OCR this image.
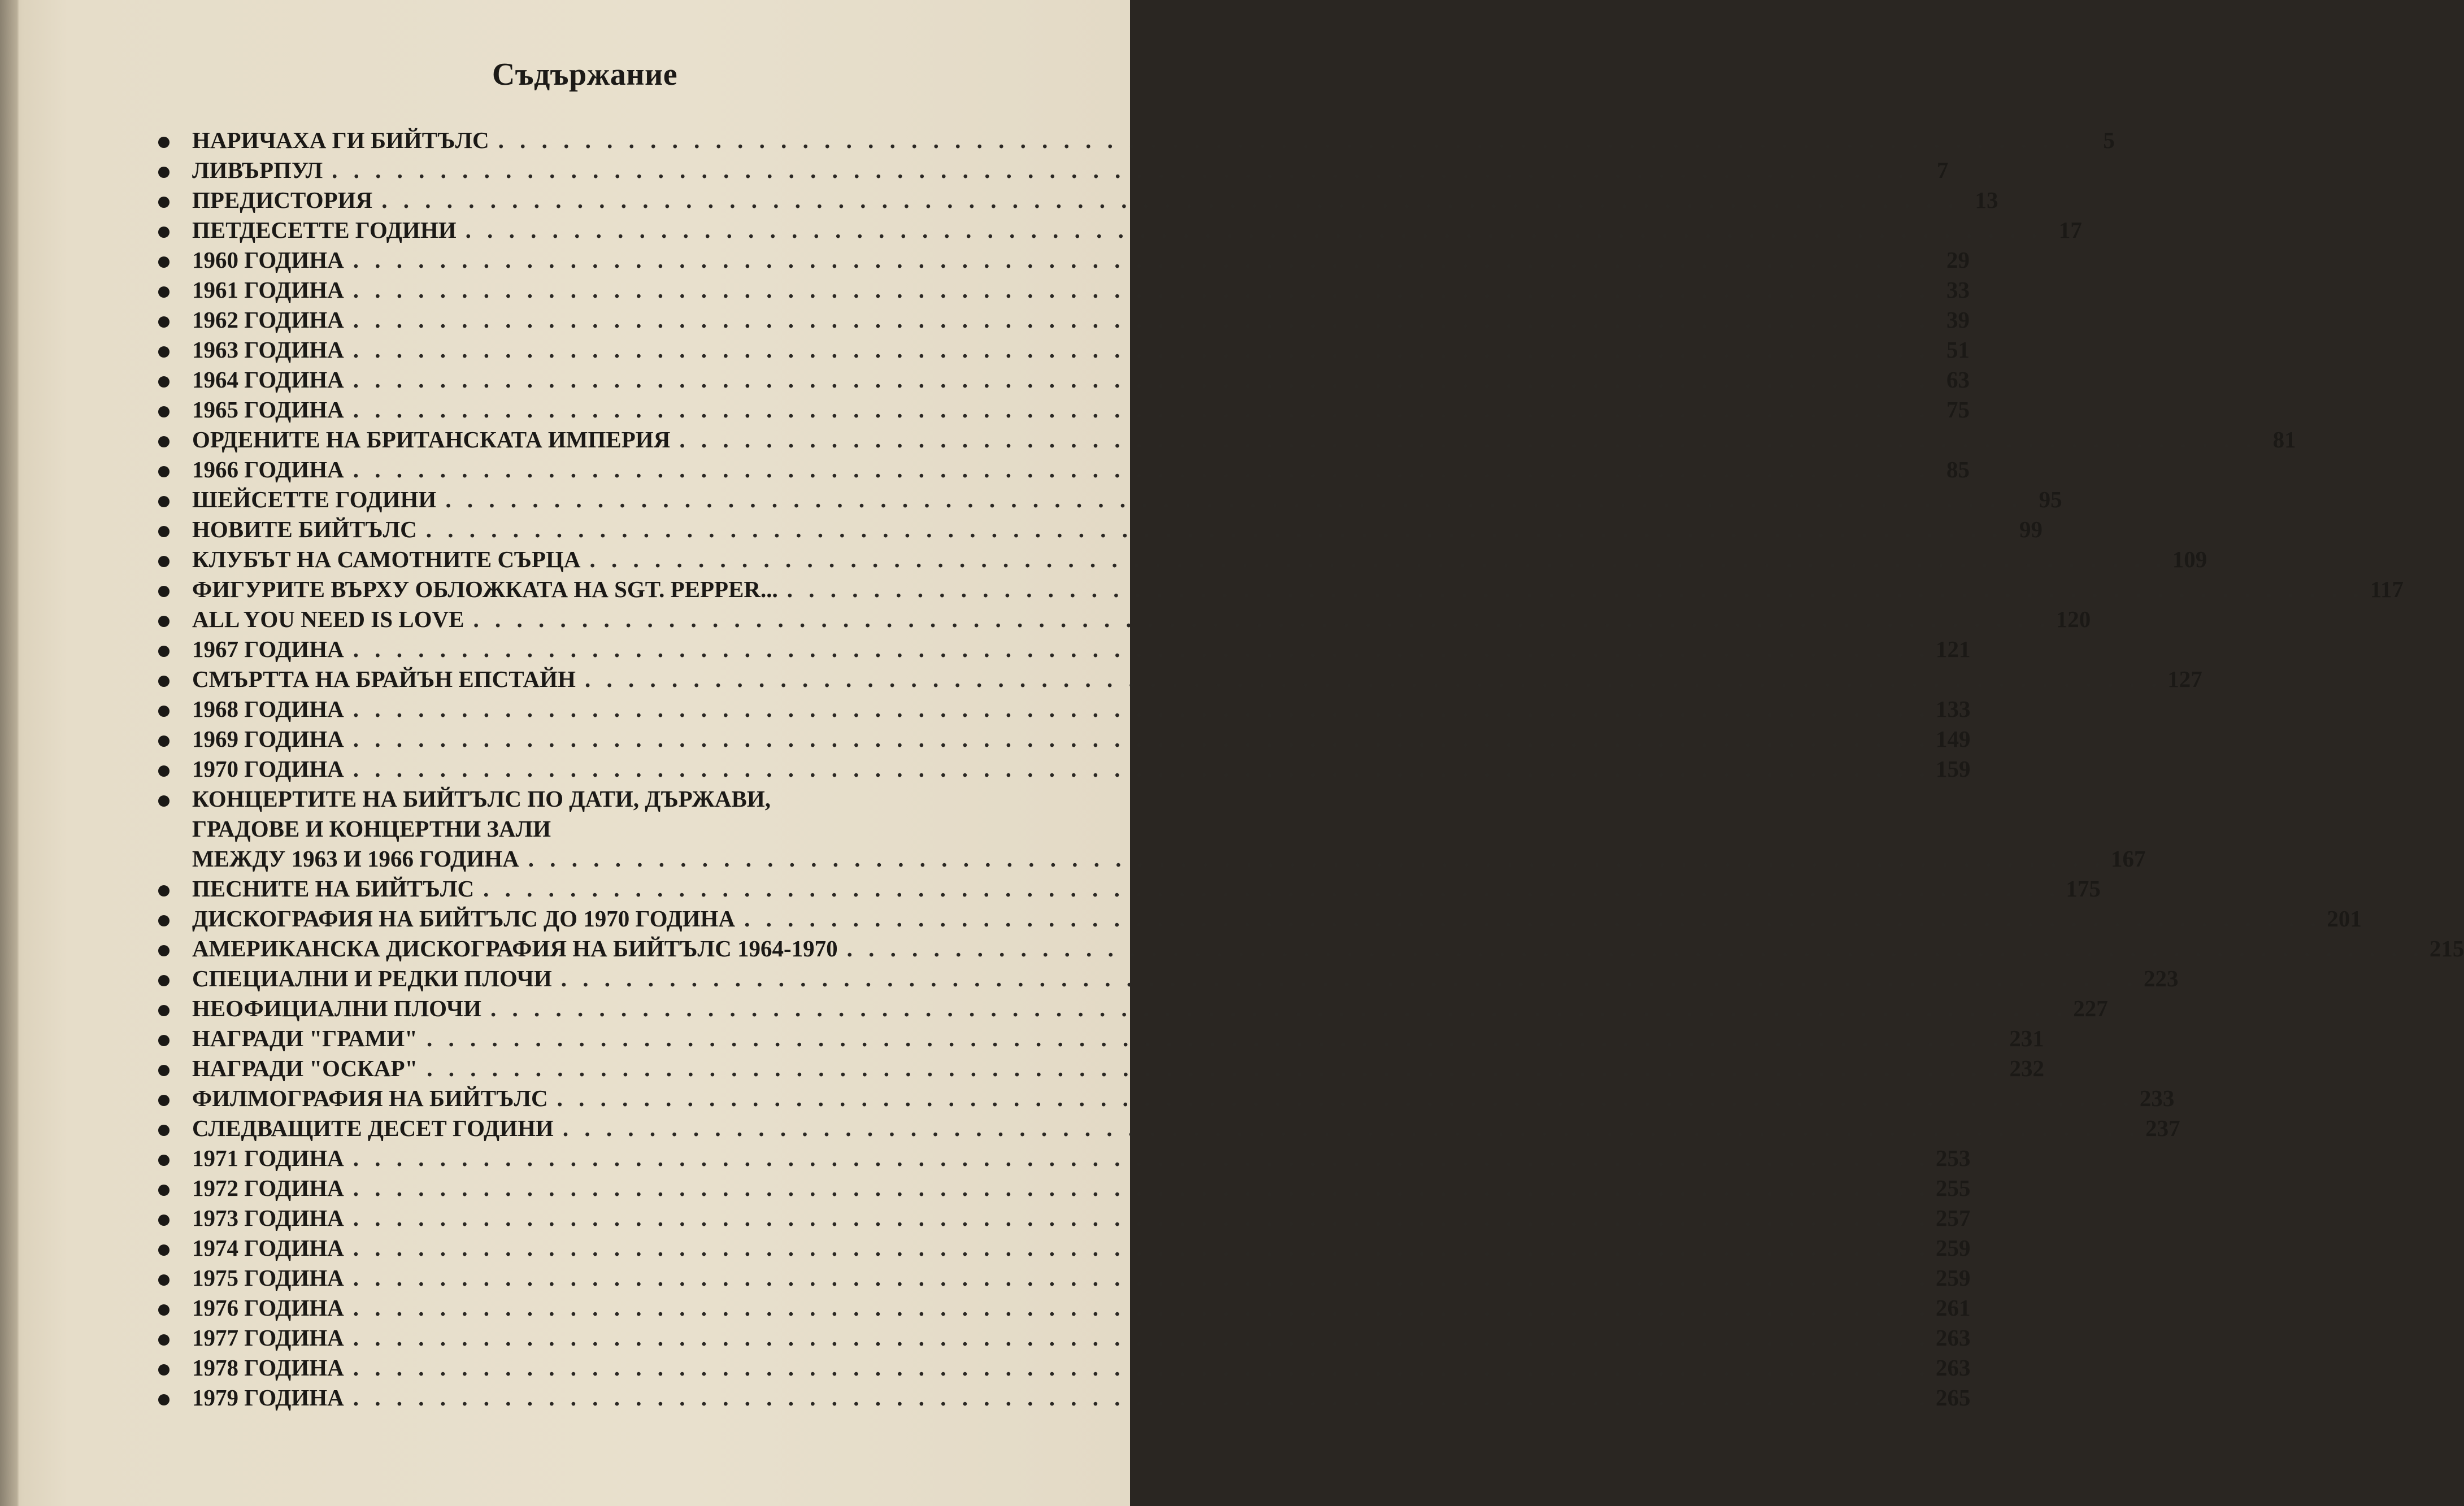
Съдържание
НАРИЧАХА ГИ БИЙТЪЛС . . . . . . . . . . . . . . . . . . . . . . . . . . . . . . . . . . . . . . . . . . . . . . . . . . . . . . . . . . . . . . . . . . . . . . . . .	5
ЛИВЪРПУЛ . . . . . . . . . . . . . . . . . . . . . . . . . . . . . . . . . . . . . . . . . . . . . . . . . . . . . . . . . . . . . . . . . . . . . . . . .	7
ПРЕДИСТОРИЯ . . . . . . . . . . . . . . . . . . . . . . . . . . . . . . . . . . . . . . . . . . . . . . . . . . . . . . . . . . . . . . . . . . . . . . . . . 13
ПЕТДЕСЕТТЕ ГОДИНИ . . . . . . . . . . . . . . . . . . . . . . . . . . . . . . . . . . . . . . . . . . . . . . . . . . . . . . . . . . . . . . . . . . . . . . . . . 17
1960 ГОДИНА . . . . . . . . . . . . . . . . . . . . . . . . . . . . . . . . . . . . . . . . . . . . . . . . . . . . . . . . . . . . . . . . . . . . . . . . . 29
1961 ГОДИНА . . . . . . . . . . . . . . . . . . . . . . . . . . . . . . . . . . . . . . . . . . . . . . . . . . . . . . . . . . . . . . . . . . . . . . . . . 33
1962 ГОДИНА . . . . . . . . . . . . . . . . . . . . . . . . . . . . . . . . . . . . . . . . . . . . . . . . . . . . . . . . . . . . . . . . . . . . . . . . . 39
1963 ГОДИНА . . . . . . . . . . . . . . . . . . . . . . . . . . . . . . . . . . . . . . . . . . . . . . . . . . . . . . . . . . . . . . . . . . . . . . . . . 51
1964 ГОДИНА . . . . . . . . . . . . . . . . . . . . . . . . . . . . . . . . . . . . . . . . . . . . . . . . . . . . . . . . . . . . . . . . . . . . . . . . . 63
1965 ГОДИНА . . . . . . . . . . . . . . . . . . . . . . . . . . . . . . . . . . . . . . . . . . . . . . . . . . . . . . . . . . . . . . . . . . . . . . . . . 75
ОРДЕНИТЕ НА БРИТАНСКАТА ИМПЕРИЯ . . . . . . . . . . . . . . . . . . . . . . . . . . . . . . . . . . . . . . . . . . . . . . . . . . . . . . . . . . . . . . . . . . . . . . . . . 81
1966 ГОДИНА . . . . . . . . . . . . . . . . . . . . . . . . . . . . . . . . . . . . . . . . . . . . . . . . . . . . . . . . . . . . . . . . . . . . . . . . . 85
ШЕЙСЕТТЕ ГОДИНИ . . . . . . . . . . . . . . . . . . . . . . . . . . . . . . . . . . . . . . . . . . . . . . . . . . . . . . . . . . . . . . . . . . . . . . . . . 95
НОВИТЕ БИЙТЪЛС . . . . . . . . . . . . . . . . . . . . . . . . . . . . . . . . . . . . . . . . . . . . . . . . . . . . . . . . . . . . . . . . . . . . . . . . . 99
КЛУБЪТ НА САМОТНИТЕ СЪРЦА . . . . . . . . . . . . . . . . . . . . . . . . . . . . . . . . . . . . . . . . . . . . . . . . . . . . . . . . . . . . . . . . . . . . . . . . . 109
ФИГУРИТЕ ВЪРХУ ОБЛОЖКАТА НА SGT. PEPPER... . . . . . . . . . . . . . . . . . . . . . . . . . . . . . . . . . . . . . . . . . . . . . . . . . . . . . . . . . . . . . . . . . . . . . . . . . 117
ALL YOU NEED IS LOVE . . . . . . . . . . . . . . . . . . . . . . . . . . . . . . . . . . . . . . . . . . . . . . . . . . . . . . . . . . . . . . . . . . . . . . . . . 120
1967 ГОДИНА . . . . . . . . . . . . . . . . . . . . . . . . . . . . . . . . . . . . . . . . . . . . . . . . . . . . . . . . . . . . . . . . . . . . . . . . . 121
СМЪРТТА НА БРАЙЪН ЕПСТАЙН . . . . . . . . . . . . . . . . . . . . . . . . . . . . . . . . . . . . . . . . . . . . . . . . . . . . . . . . . . . . . . . . . . . . . . . . . 127
1968 ГОДИНА . . . . . . . . . . . . . . . . . . . . . . . . . . . . . . . . . . . . . . . . . . . . . . . . . . . . . . . . . . . . . . . . . . . . . . . . . 133
1969 ГОДИНА . . . . . . . . . . . . . . . . . . . . . . . . . . . . . . . . . . . . . . . . . . . . . . . . . . . . . . . . . . . . . . . . . . . . . . . . . 149
1970 ГОДИНА . . . . . . . . . . . . . . . . . . . . . . . . . . . . . . . . . . . . . . . . . . . . . . . . . . . . . . . . . . . . . . . . . . . . . . . . . 159
КОНЦЕРТИТЕ НА БИЙТЪЛС ПО ДАТИ, ДЪРЖАВИ,
ГРАДОВЕ И КОНЦЕРТНИ ЗАЛИ
МЕЖДУ 1963 И 1966 ГОДИНА . . . . . . . . . . . . . . . . . . . . . . . . . . . . . . . . . . . . . . . . . . . . . . . . . . . . . . . . . . . . . . . . . . . . . . . . . 167
ПЕСНИТЕ НА БИЙТЪЛС . . . . . . . . . . . . . . . . . . . . . . . . . . . . . . . . . . . . . . . . . . . . . . . . . . . . . . . . . . . . . . . . . . . . . . . . . 175
ДИСКОГРАФИЯ НА БИЙТЪЛС ДО 1970 ГОДИНА . . . . . . . . . . . . . . . . . . . . . . . . . . . . . . . . . . . . . . . . . . . . . . . . . . . . . . . . . . . . . . . . . . . . . . . . . 201
АМЕРИКАНСКА ДИСКОГРАФИЯ НА БИЙТЪЛС 1964-1970 . . . . . . . . . . . . . . . . . . . . . . . . . . . . . . . . . . . . . . . . . . . . . . . . . . . . . . . . . . . . . . . . . . . . . . . . . 215
СПЕЦИАЛНИ И РЕДКИ ПЛОЧИ . . . . . . . . . . . . . . . . . . . . . . . . . . . . . . . . . . . . . . . . . . . . . . . . . . . . . . . . . . . . . . . . . . . . . . . . . 223
НЕОФИЦИАЛНИ ПЛОЧИ . . . . . . . . . . . . . . . . . . . . . . . . . . . . . . . . . . . . . . . . . . . . . . . . . . . . . . . . . . . . . . . . . . . . . . . . . 227
НАГРАДИ "ГРАМИ" . . . . . . . . . . . . . . . . . . . . . . . . . . . . . . . . . . . . . . . . . . . . . . . . . . . . . . . . . . . . . . . . . . . . . . . . . 231
НАГРАДИ "ОСКАР" . . . . . . . . . . . . . . . . . . . . . . . . . . . . . . . . . . . . . . . . . . . . . . . . . . . . . . . . . . . . . . . . . . . . . . . . . 232
ФИЛМОГРАФИЯ НА БИЙТЪЛС . . . . . . . . . . . . . . . . . . . . . . . . . . . . . . . . . . . . . . . . . . . . . . . . . . . . . . . . . . . . . . . . . . . . . . . . . 233
СЛЕДВАЩИТЕ ДЕСЕТ ГОДИНИ . . . . . . . . . . . . . . . . . . . . . . . . . . . . . . . . . . . . . . . . . . . . . . . . . . . . . . . . . . . . . . . . . . . . . . . . . 237
1971 ГОДИНА . . . . . . . . . . . . . . . . . . . . . . . . . . . . . . . . . . . . . . . . . . . . . . . . . . . . . . . . . . . . . . . . . . . . . . . . . 253
1972 ГОДИНА . . . . . . . . . . . . . . . . . . . . . . . . . . . . . . . . . . . . . . . . . . . . . . . . . . . . . . . . . . . . . . . . . . . . . . . . . 255
1973 ГОДИНА . . . . . . . . . . . . . . . . . . . . . . . . . . . . . . . . . . . . . . . . . . . . . . . . . . . . . . . . . . . . . . . . . . . . . . . . . 257
1974 ГОДИНА . . . . . . . . . . . . . . . . . . . . . . . . . . . . . . . . . . . . . . . . . . . . . . . . . . . . . . . . . . . . . . . . . . . . . . . . . 259
1975 ГОДИНА . . . . . . . . . . . . . . . . . . . . . . . . . . . . . . . . . . . . . . . . . . . . . . . . . . . . . . . . . . . . . . . . . . . . . . . . . 259
1976 ГОДИНА . . . . . . . . . . . . . . . . . . . . . . . . . . . . . . . . . . . . . . . . . . . . . . . . . . . . . . . . . . . . . . . . . . . . . . . . . 261
1977 ГОДИНА . . . . . . . . . . . . . . . . . . . . . . . . . . . . . . . . . . . . . . . . . . . . . . . . . . . . . . . . . . . . . . . . . . . . . . . . . 263
1978 ГОДИНА . . . . . . . . . . . . . . . . . . . . . . . . . . . . . . . . . . . . . . . . . . . . . . . . . . . . . . . . . . . . . . . . . . . . . . . . . 263
1979 ГОДИНА . . . . . . . . . . . . . . . . . . . . . . . . . . . . . . . . . . . . . . . . . . . . . . . . . . . . . . . . . . . . . . . . . . . . . . . . . 265
